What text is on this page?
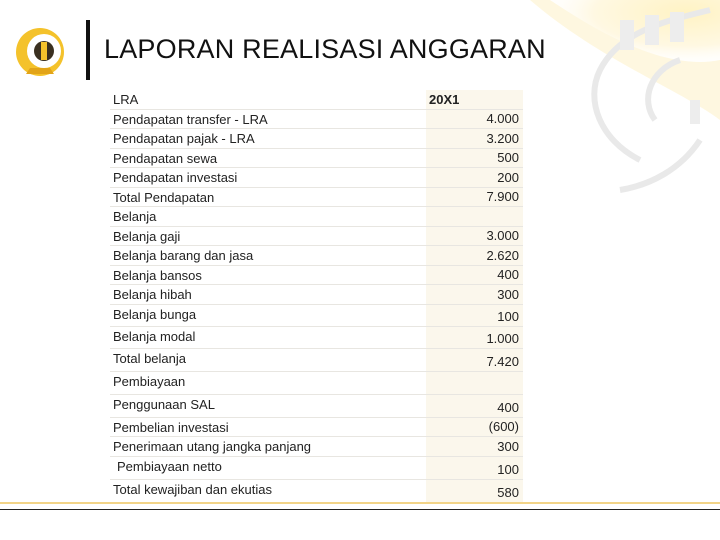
LAPORAN REALISASI ANGGARAN
LRA	20X1
Pendapatan transfer - LRA	4.000
Pendapatan pajak - LRA	3.200
Pendapatan sewa	500
Pendapatan investasi	200
Total Pendapatan	7.900
Belanja
Belanja gaji	3.000
Belanja barang dan jasa	2.620
Belanja bansos	400
Belanja hibah	300
Belanja bunga	100
Belanja modal	1.000
Total belanja	7.420
Pembiayaan
Penggunaan SAL	400
Pembelian investasi	(600)
Penerimaan utang jangka panjang	300
Pembiayaan netto	100
Total kewajiban dan ekutias	580
